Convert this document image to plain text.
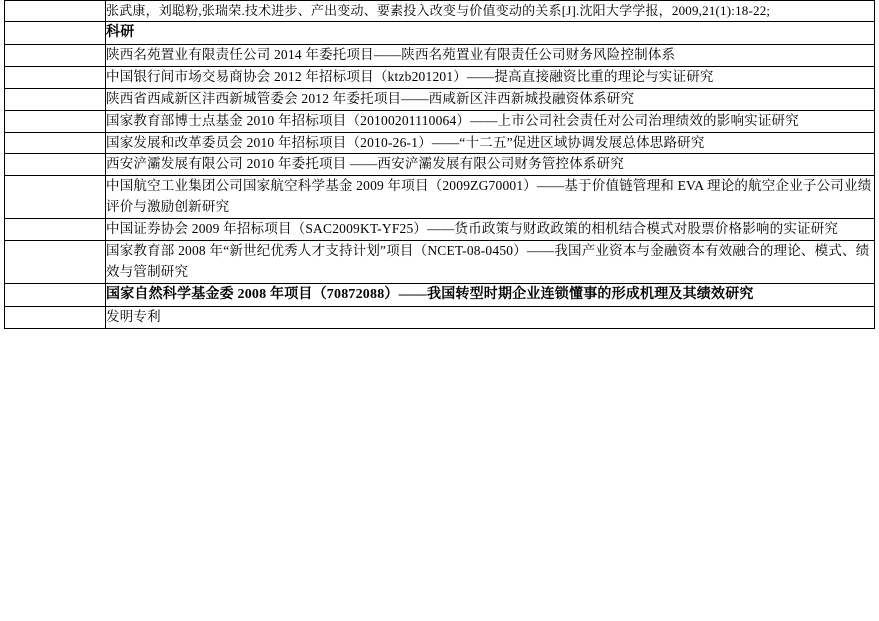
	张武康，刘聪粉,张瑞荣.技术进步、产出变动、要素投入改变与价值变动的关系[J].沈阳大学学报，2009,21(1):18-22;

	科研

	陕西名苑置业有限责任公司 2014 年委托项目——陕西名苑置业有限责任公司财务风险控制体系

	中国银行间市场交易商协会 2012 年招标项目（ktzb201201）——提高直接融资比重的理论与实证研究

	陕西省西咸新区沣西新城管委会 2012 年委托项目——西咸新区沣西新城投融资体系研究

	国家教育部博士点基金 2010 年招标项目（20100201110064）——上市公司社会责任对公司治理绩效的影响实证研究

	国家发展和改革委员会 2010 年招标项目（2010-26-1）——“十二五”促进区域协调发展总体思路研究

	西安浐灞发展有限公司 2010 年委托项目 ——西安浐灞发展有限公司财务管控体系研究

	中国航空工业集团公司国家航空科学基金 2009 年项目（2009ZG70001）——基于价值链管理和 EVA 理论的航空企业子公司业绩评价与激励创新研究

	中国证券协会 2009 年招标项目（SAC2009KT-YF25）——货币政策与财政政策的相机结合模式对股票价格影响的实证研究

	国家教育部 2008 年“新世纪优秀人才支持计划”项目（NCET-08-0450）——我国产业资本与金融资本有效融合的理论、模式、绩效与管制研究

	国家自然科学基金委 2008 年项目（70872088）——我国转型时期企业连锁懂事的形成机理及其绩效研究

	发明专利
